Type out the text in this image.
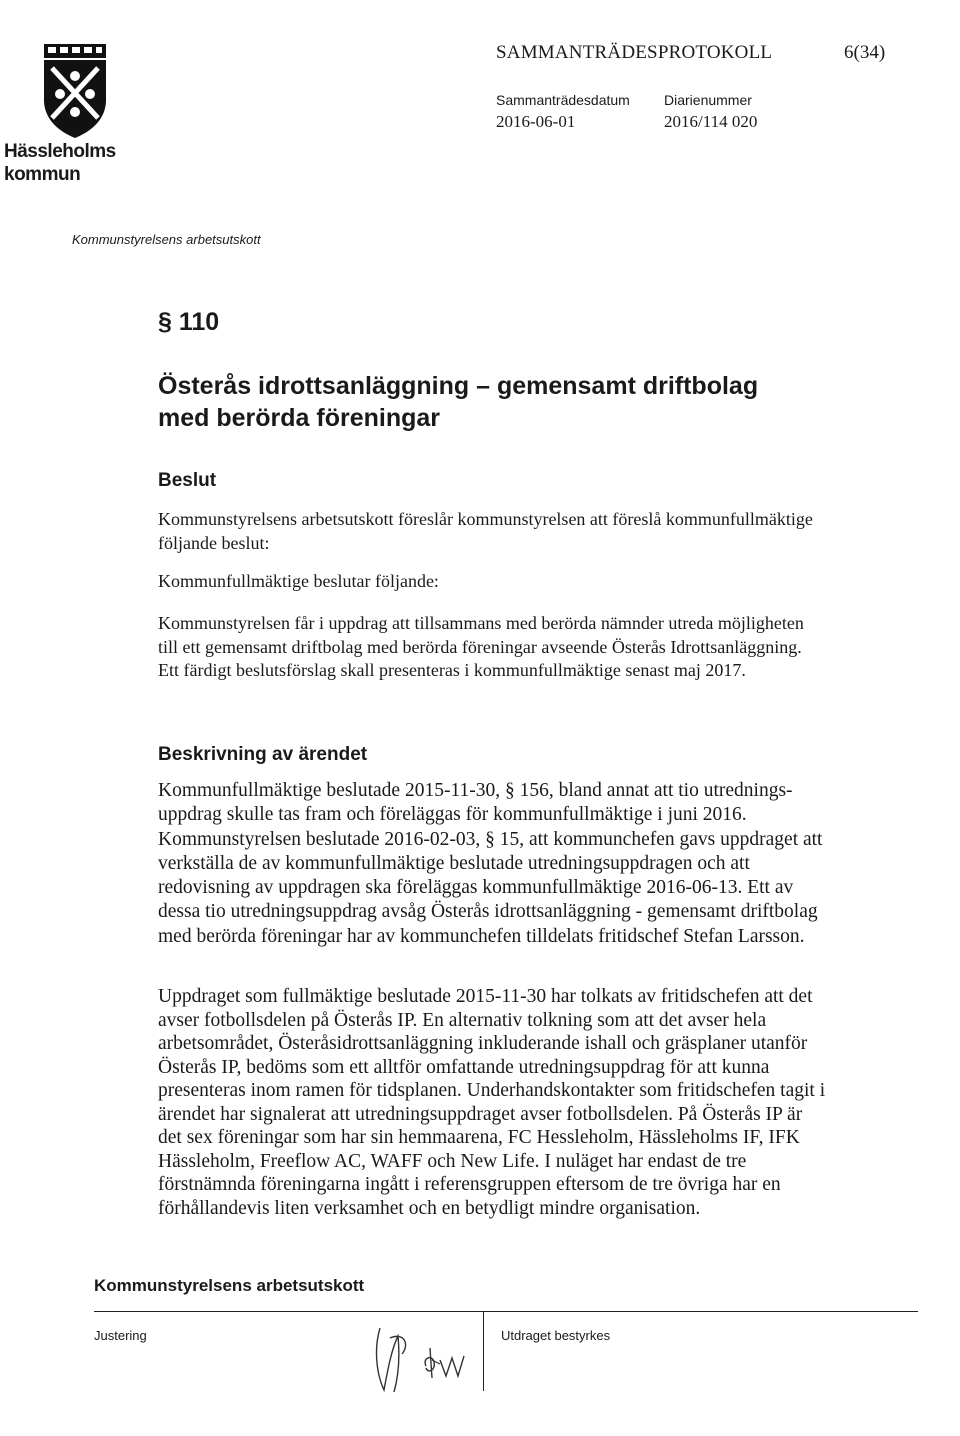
Hässleholms
kommun
SAMMANTRÄDESPROTOKOLL	6(34)
Sammanträdesdatum
2016-06-01
Diarienummer
2016/114 020
Kommunstyrelsens arbetsutskott
§ 110
Österås idrottsanläggning – gemensamt driftbolag
med berörda föreningar
Beslut

Kommunstyrelsens arbetsutskott föreslår kommunstyrelsen att föreslå kommunfullmäktige följande beslut:

Kommunfullmäktige beslutar följande:

Kommunstyrelsen får i uppdrag att tillsammans med berörda nämnder utreda möjligheten till ett gemensamt driftbolag med berörda föreningar avseende Österås Idrottsanläggning. Ett färdigt beslutsförslag skall presenteras i kommunfullmäktige senast maj 2017.

Beskrivning av ärendet

Kommunfullmäktige beslutade 2015-11-30, § 156, bland annat att tio utredningsuppdrag skulle tas fram och föreläggas för kommunfullmäktige i juni 2016. Kommunstyrelsen beslutade 2016-02-03, § 15, att kommunchefen gavs uppdraget att verkställa de av kommunfullmäktige beslutade utredningsuppdragen och att redovisning av uppdragen ska föreläggas kommunfullmäktige 2016-06-13. Ett av dessa tio utredningsuppdrag avsåg Österås idrottsanläggning - gemensamt driftbolag med berörda föreningar har av kommunchefen tilldelats fritidschef Stefan Larsson.

Uppdraget som fullmäktige beslutade 2015-11-30 har tolkats av fritidschefen att det avser fotbollsdelen på Österås IP. En alternativ tolkning som att det avser hela arbetsområdet, Österåsidrottsanläggning inkluderande ishall och gräsplaner utanför Österås IP, bedöms som ett alltför omfattande utredningsuppdrag för att kunna presenteras inom ramen för tidsplanen. Underhandskontakter som fritidschefen tagit i ärendet har signalerat att utredningsuppdraget avser fotbollsdelen. På Österås IP är det sex föreningar som har sin hemmaarena, FC Hessleholm, Hässleholms IF, IFK Hässleholm, Freeflow AC, WAFF och New Life. I nuläget har endast de tre förstnämnda föreningarna ingått i referensgruppen eftersom de tre övriga har en förhållandevis liten verksamhet och en betydligt mindre organisation.

Kommunstyrelsens arbetsutskott
Justering	Utdraget bestyrkes
